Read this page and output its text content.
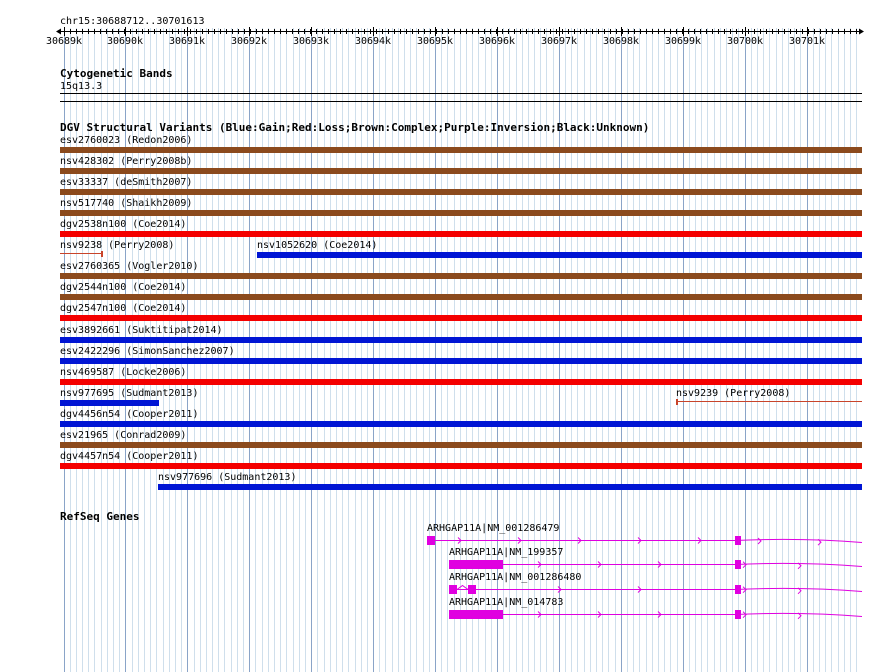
chr15:30688712..30701613
30689k 30690k	30691k	30692k	30693k	30694k	30695k	30696k	30697k	30698k	30699k	30700k	30701k
Cytogenetic Bands
15q13.3
DGV Structural Variants (Blue:Gain;Red:Loss;Brown:Complex;Purple:Inversion;Black:Unknown)
esv2760023 (Redon2006)
nsv428302 (Perry2008b)
esv33337 (deSmith2007)
nsv517740 (Shaikh2009)
dgv2538n100 (Coe2014)
nsv9238 (Perry2008)	nsv1052620 (Coe2014)
esv2760365 (Vogler2010)
dgv2544n100 (Coe2014)
dgv2547n100 (Coe2014)
esv3892661 (Suktitipat2014)
esv2422296 (SimonSanchez2007)
nsv469587 (Locke2006)
nsv977695 (Sudmant2013)	nsv9239 (Perry2008)
dgv4456n54 (Cooper2011)
esv21965 (Conrad2009)
dgv4457n54 (Cooper2011)
nsv977696 (Sudmant2013)
RefSeq Genes
ARHGAP11A|NM_001286479
ARHGAP11A|NM_199357
ARHGAP11A|NM_001286480
ARHGAP11A|NM_014783
